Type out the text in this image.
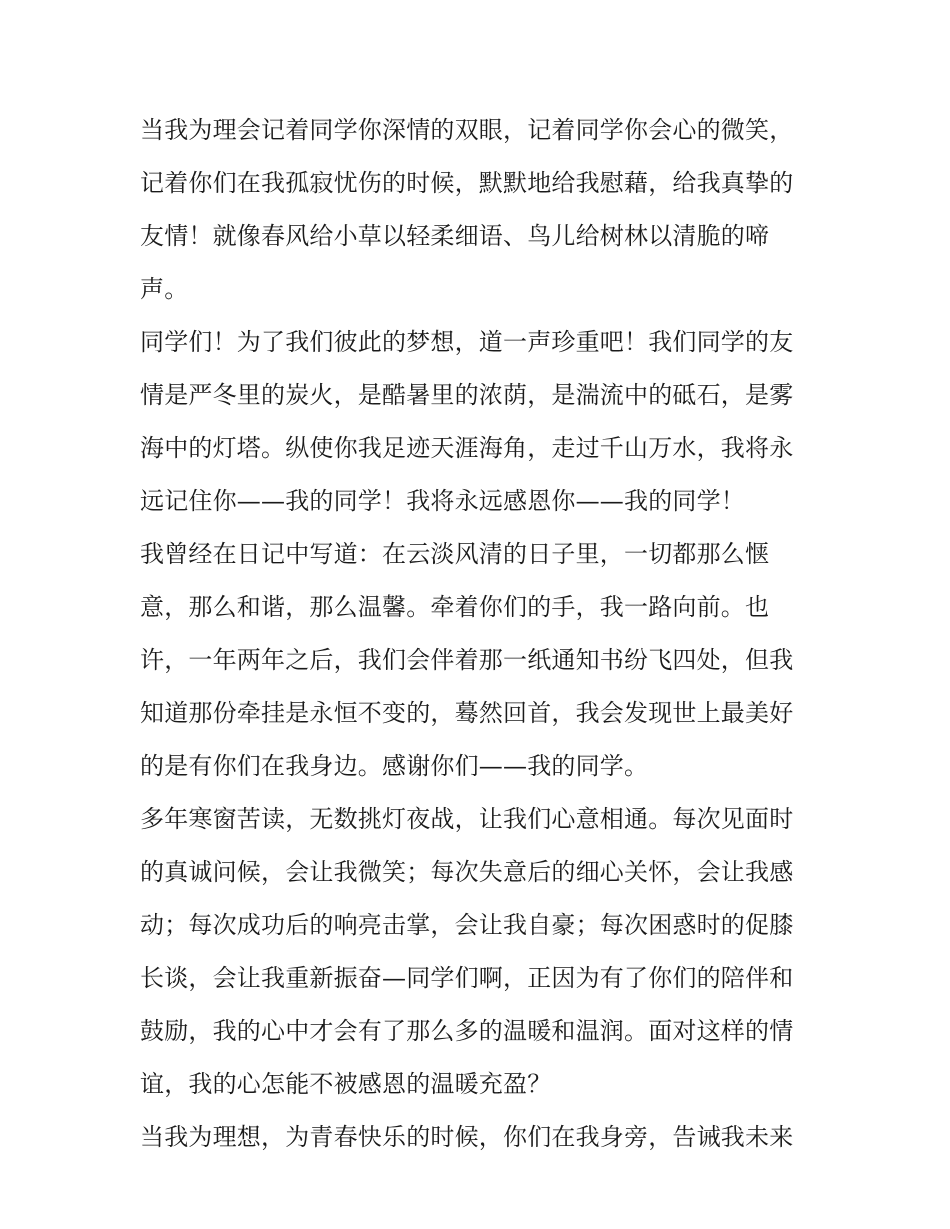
当我为理会记着同学你深情的双眼，记着同学你会心的微笑，
记着你们在我孤寂忧伤的时候，默默地给我慰藉，给我真挚的
友情！就像春风给小草以轻柔细语、鸟儿给树林以清脆的啼
声。
同学们！为了我们彼此的梦想，道一声珍重吧！我们同学的友
情是严冬里的炭火，是酷暑里的浓荫，是湍流中的砥石，是雾
海中的灯塔。纵使你我足迹天涯海角，走过千山万水，我将永
远记住你——我的同学！我将永远感恩你——我的同学！
我曾经在日记中写道：在云淡风清的日子里，一切都那么惬
意，那么和谐，那么温馨。牵着你们的手，我一路向前。也
许，一年两年之后，我们会伴着那一纸通知书纷飞四处，但我
知道那份牵挂是永恒不变的，蓦然回首，我会发现世上最美好
的是有你们在我身边。感谢你们——我的同学。
多年寒窗苦读，无数挑灯夜战，让我们心意相通。每次见面时
的真诚问候，会让我微笑；每次失意后的细心关怀，会让我感
动；每次成功后的响亮击掌，会让我自豪；每次困惑时的促膝
长谈，会让我重新振奋—同学们啊，正因为有了你们的陪伴和
鼓励，我的心中才会有了那么多的温暖和温润。面对这样的情
谊，我的心怎能不被感恩的温暖充盈？
当我为理想，为青春快乐的时候，你们在我身旁，告诫我未来
